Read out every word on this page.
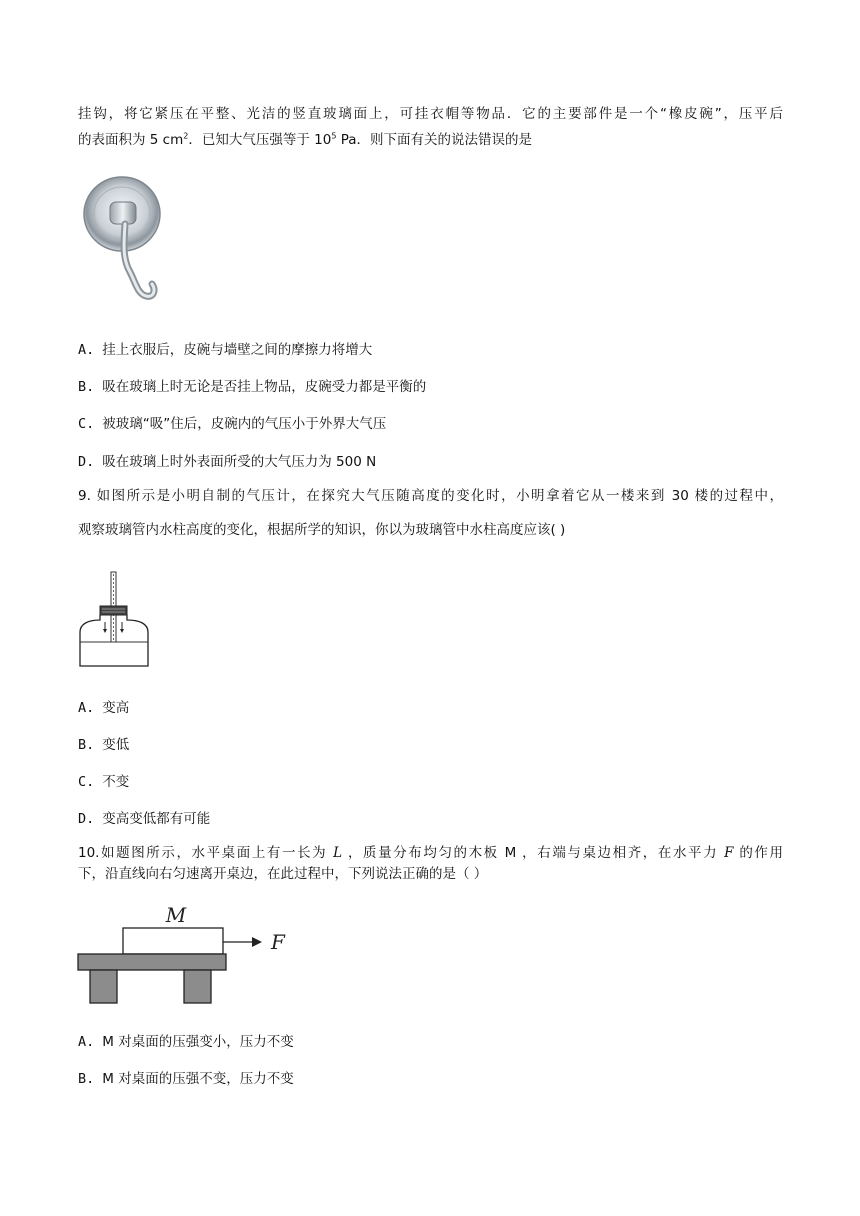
挂钩，将它紧压在平整、光洁的竖直玻璃面上，可挂衣帽等物品．它的主要部件是一个“橡皮碗”，压平后
的表面积为 5 $cm^2$．已知大气压强等于 $10^5$ Pa．则下面有关的说法错误的是
A. 挂上衣服后，皮碗与墙壁之间的摩擦力将增大
B. 吸在玻璃上时无论是否挂上物品，皮碗受力都是平衡的
C. 被玻璃“吸”住后，皮碗内的气压小于外界大气压
D. 吸在玻璃上时外表面所受的大气压力为 500 N
9. 如图所示是小明自制的气压计，在探究大气压随高度的变化时，小明拿着它从一楼来到 30 楼的过程中，
观察玻璃管内水柱高度的变化，根据所学的知识，你以为玻璃管中水柱高度应该( )
A. 变高
B. 变低
C. 不变
D. 变高变低都有可能
10.如题图所示，水平桌面上有一长为 L ，质量分布均匀的木板 M ，右端与桌边相齐，在水平力 F 的作用
下，沿直线向右匀速离开桌边，在此过程中，下列说法正确的是（ ）
M
F
A. M 对桌面的压强变小，压力不变
B. M 对桌面的压强不变，压力不变
